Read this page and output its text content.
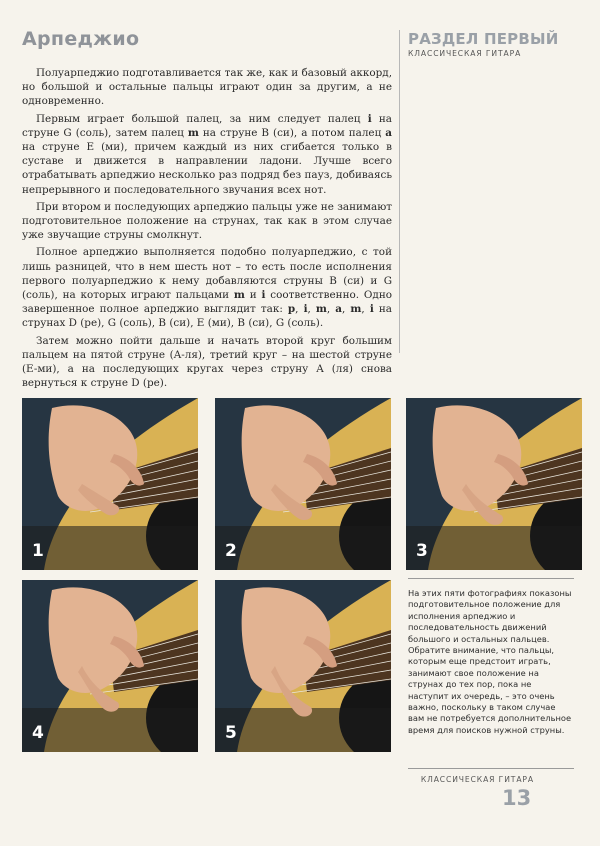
Арпеджио	РАЗДЕЛ ПЕРВЫЙ
КЛАССИЧЕСКАЯ ГИТАРА

Полуарпеджио подготавливается так же, как и базовый аккорд, но большой и остальные пальцы играют один за другим, а не одновременно.

Первым играет большой палец, за ним следует палец i на струне G (соль), затем палец m на струне B (си), а потом палец a на струне E (ми), причем каждый из них сгибается только в суставе и движется в направлении ладони. Лучше всего отрабатывать арпеджио несколько раз подряд без пауз, добиваясь непрерывного и последовательного звучания всех нот.

При втором и последующих арпеджио пальцы уже не занимают подготовительное положение на струнах, так как в этом случае уже звучащие струны смолкнут.

Полное арпеджио выполняется подобно полуарпеджио, с той лишь разницей, что в нем шесть нот – то есть после исполнения первого полуарпеджио к нему добавляются струны B (си) и G (соль), на которых играют пальцами m и i соответственно. Одно завершенное полное арпеджио выглядит так: p, i, m, a, m, i на струнах D (ре), G (соль), B (си), E (ми), B (си), G (соль).

Затем можно пойти дальше и начать второй круг большим пальцем на пятой струне (A-ля), третий круг – на шестой струне (E-ми), а на последующих кругах через струну A (ля) снова вернуться к струне D (ре).

1	2	3
4	5
На этих пяти фотографиях показоны подготовительное положение для исполнения арпеджио и последовательность движений большого и остальных пальцев. Обратите внимание, что пальцы, которым еще предстоит играть, занимают свое положение на струнах до тех пор, пока не наступит их очередь, – это очень важно, поскольку в таком случае вам не потребуется дополнительное время для поисков нужной струны.
КЛАССИЧЕСКАЯ ГИТАРА
13
